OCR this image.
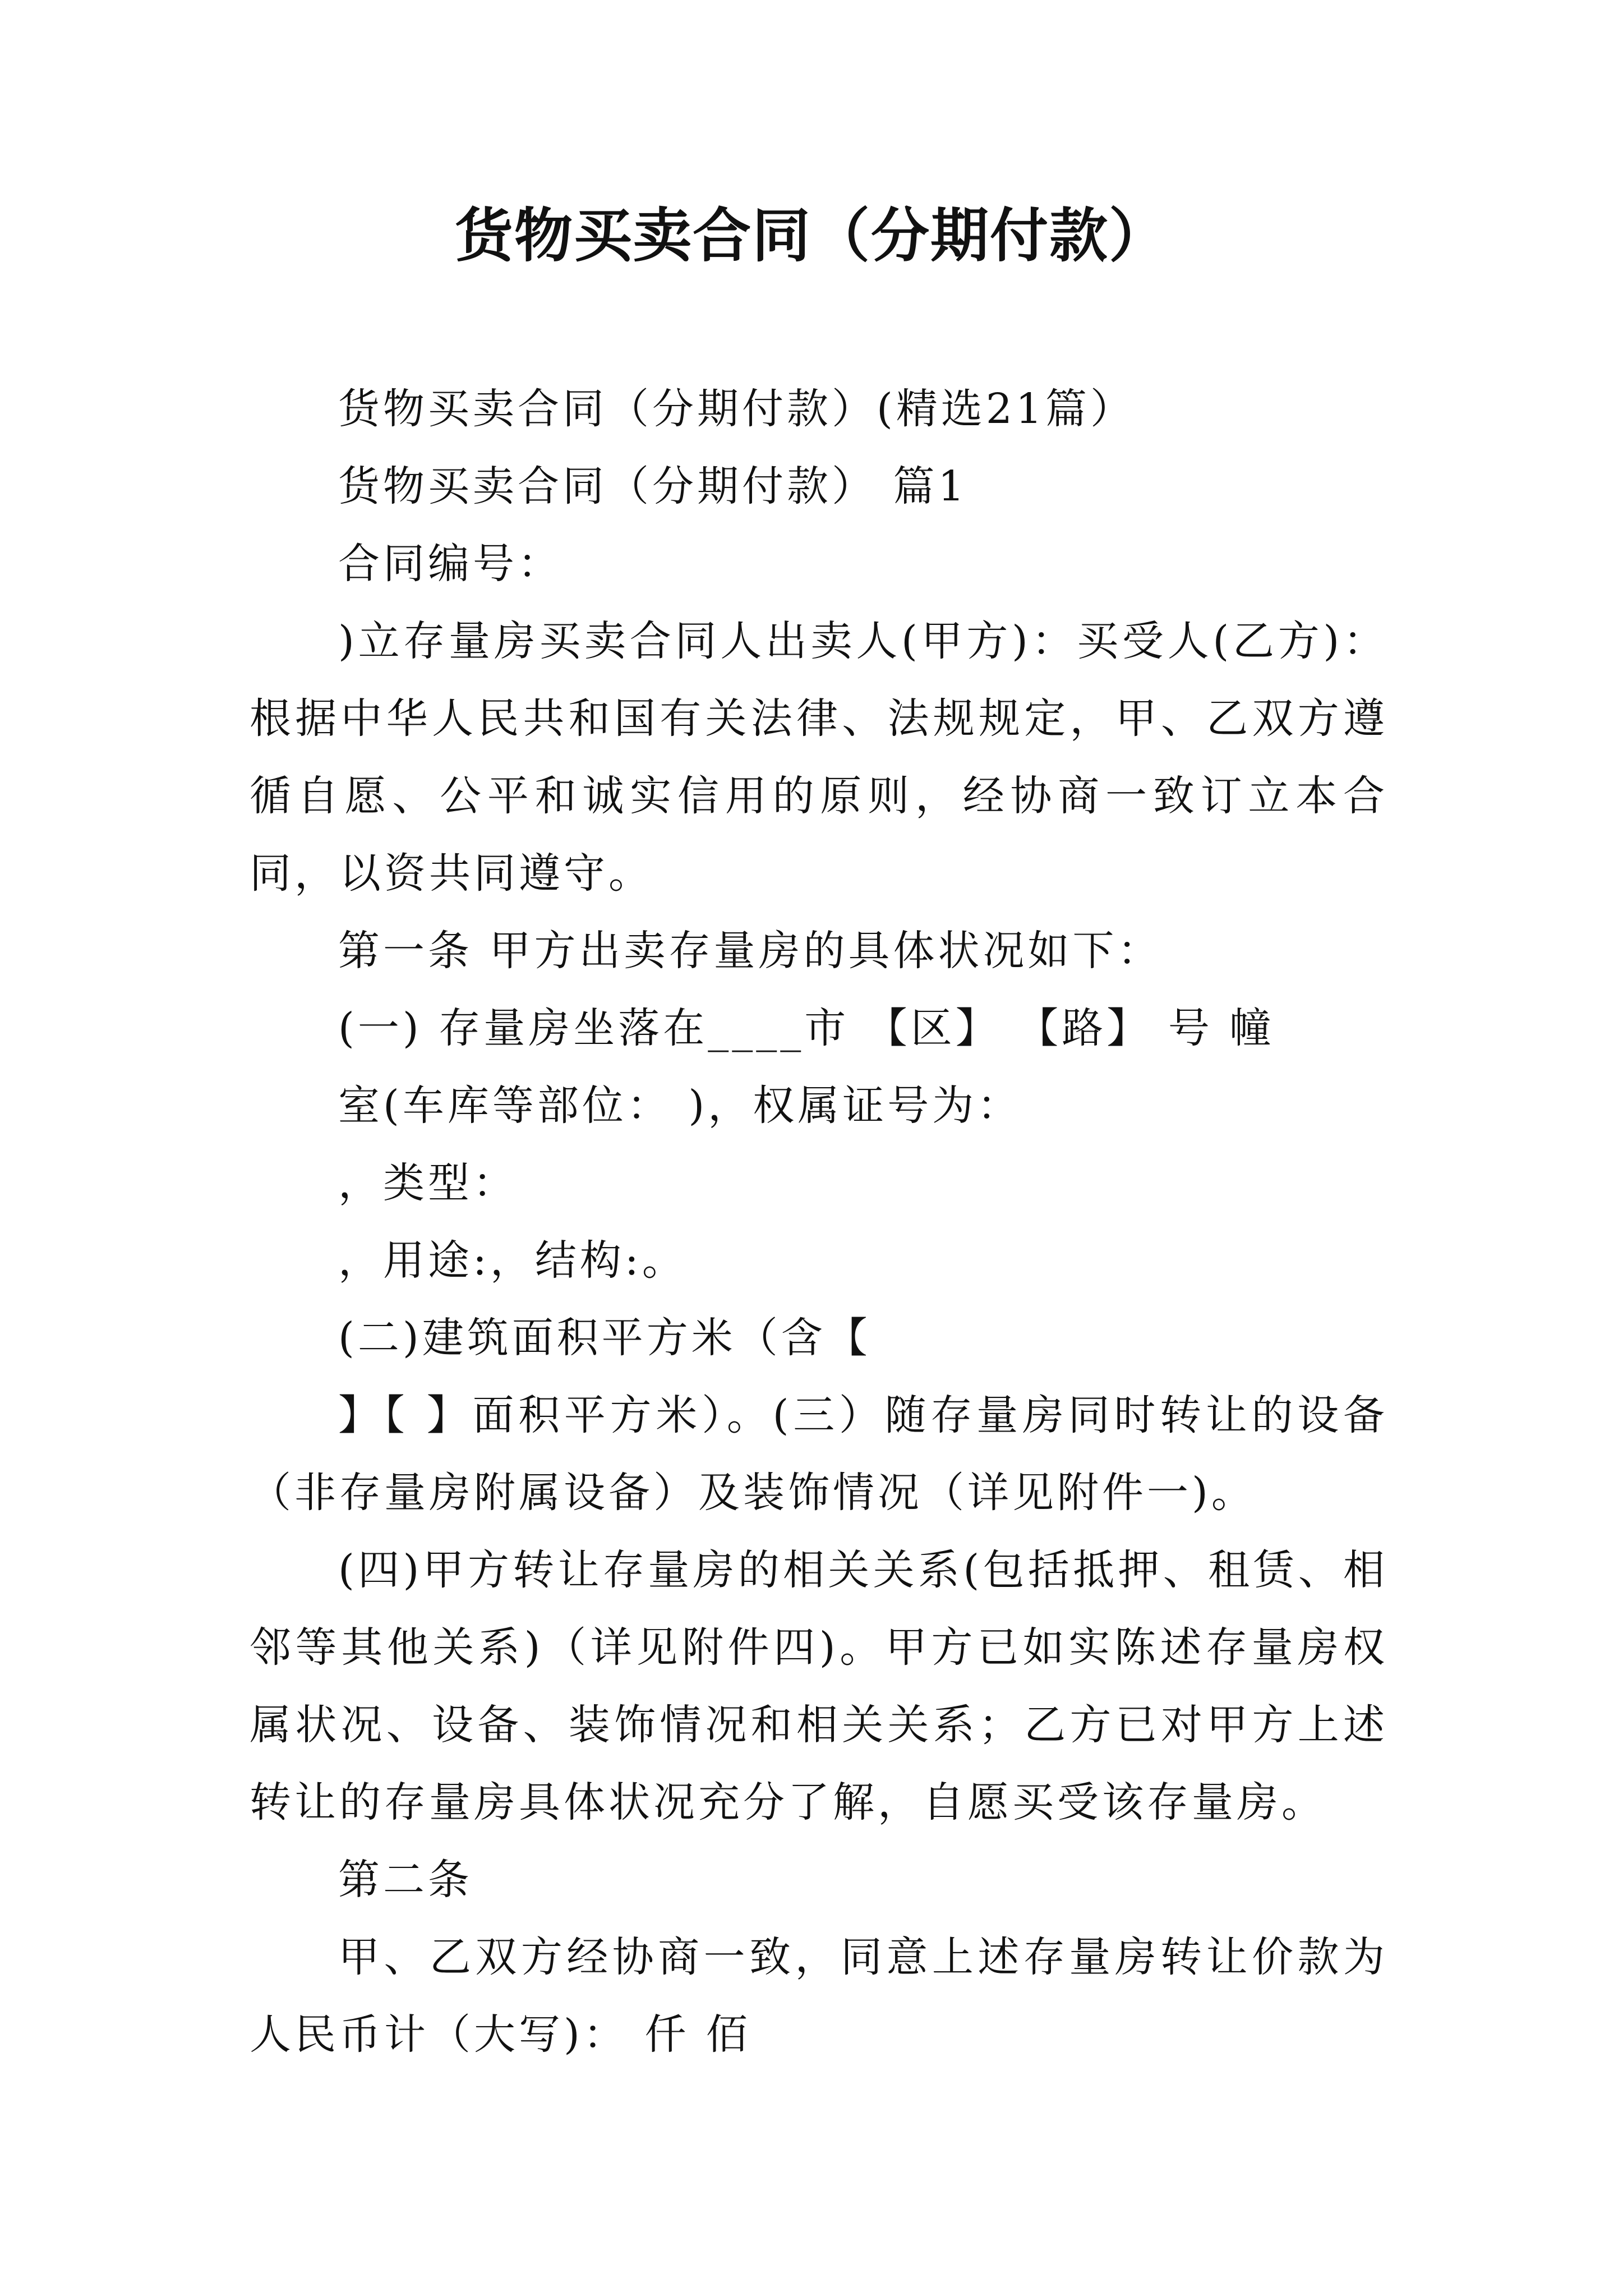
货物买卖合同（分期付款）

货物买卖合同（分期付款）(精选21篇）

货物买卖合同（分期付款） 篇1

合同编号：

)立存量房买卖合同人出卖人(甲方)：买受人(乙方)：根据中华人民共和国有关法律、法规规定，甲、乙双方遵循自愿、公平和诚实信用的原则，经协商一致订立本合同，以资共同遵守。

第一条 甲方出卖存量房的具体状况如下：

(一) 存量房坐落在____市 【区】 【路】 号 幢

室(车库等部位： )，权属证号为：

，类型：

，用途:，结构:。

(二)建筑面积平方米（含【

】【 】面积平方米）。(三）随存量房同时转让的设备（非存量房附属设备）及装饰情况（详见附件一)。

(四)甲方转让存量房的相关关系(包括抵押、租赁、相邻等其他关系)（详见附件四)。甲方已如实陈述存量房权属状况、设备、装饰情况和相关关系；乙方已对甲方上述转让的存量房具体状况充分了解，自愿买受该存量房。

第二条

甲、乙双方经协商一致，同意上述存量房转让价款为人民币计（大写)： 仟 佰
